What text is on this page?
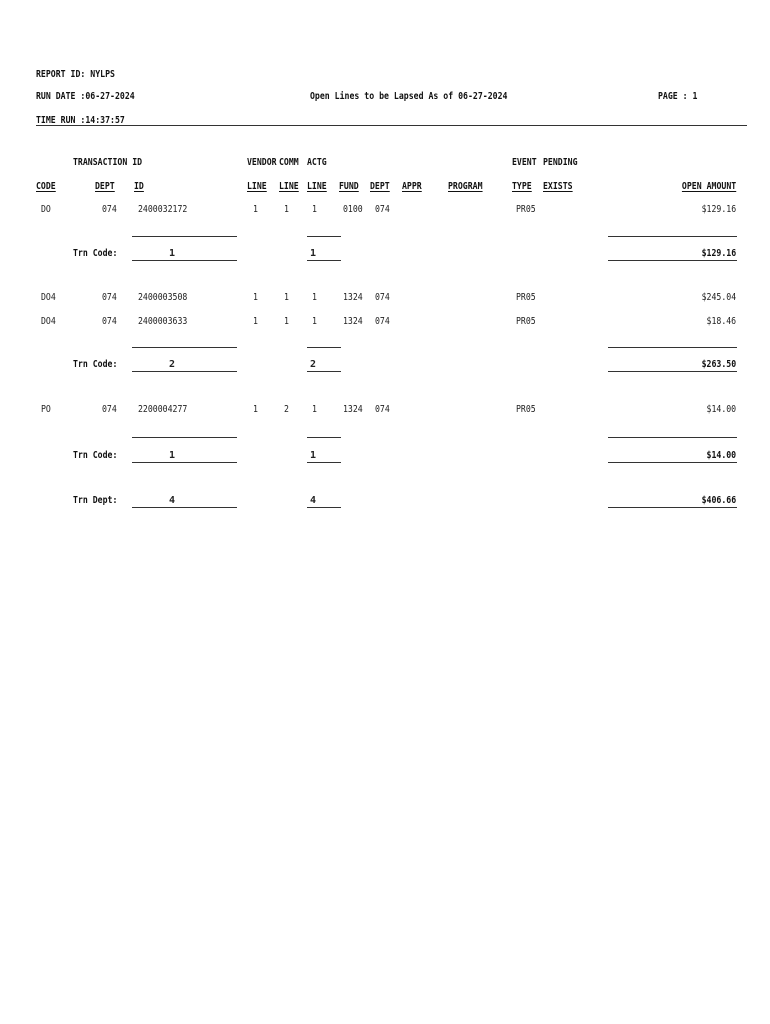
REPORT ID: NYLPS
RUN DATE :06-27-2024	Open Lines to be Lapsed As of 06-27-2024	PAGE : 1
TIME RUN :14:37:57
TRANSACTION ID	VENDOR COMM ACTG	EVENT PENDING
CODE	DEPT ID	LINE LINE LINE FUND DEPT APPR	PROGRAM	TYPE EXISTS	OPEN AMOUNT
DO	074 2400032172	1	1 1	0100 074	PR05	$129.16
Trn Code:	1	1	$129.16
DO4	074 2400003508	1	1 1	1324 074	PR05	$245.04
DO4	074 2400003633	1	1 1	1324 074	PR05	$18.46
Trn Code:	2	2	$263.50
PO	074 2200004277	1	2 1	1324 074	PR05	$14.00
Trn Code:	1	1	$14.00
Trn Dept:	4	4	$406.66
